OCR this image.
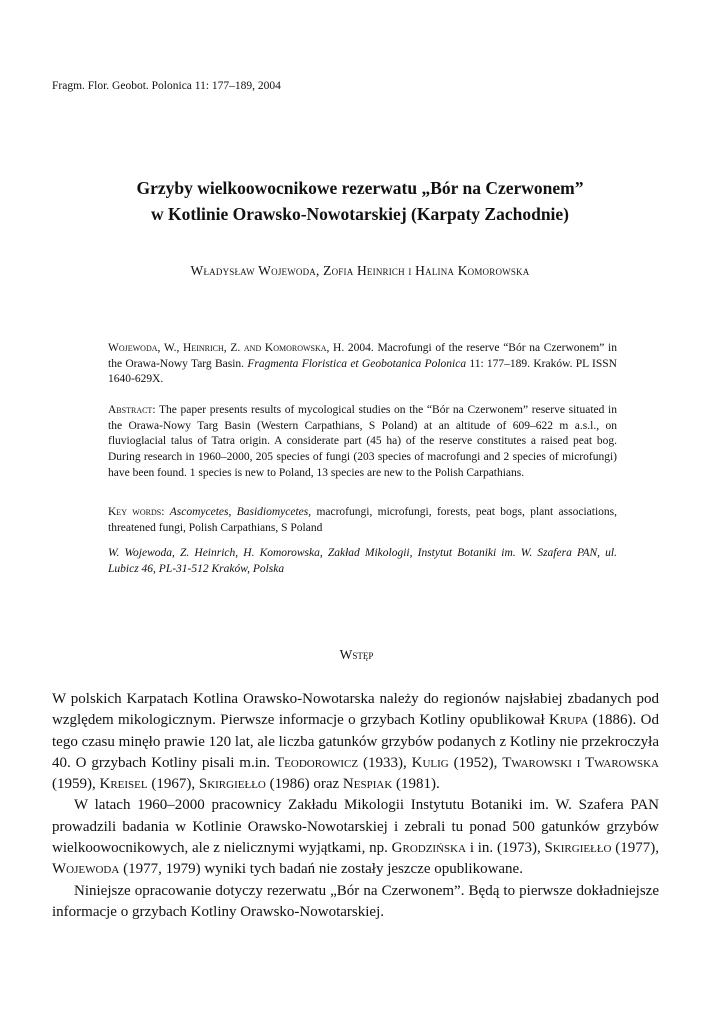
Fragm. Flor. Geobot. Polonica 11: 177–189, 2004
Grzyby wielkoowocnikowe rezerwatu „Bór na Czerwonem”
w Kotlinie Orawsko-Nowotarskiej (Karpaty Zachodnie)
Władysław Wojewoda, Zofia Heinrich i Halina Komorowska
Wojewoda, W., Heinrich, Z. and Komorowska, H. 2004. Macrofungi of the reserve “Bór na Czerwonem” in the Orawa-Nowy Targ Basin. Fragmenta Floristica et Geobotanica Polonica 11: 177–189. Kraków. PL ISSN 1640-629X.
Abstract: The paper presents results of mycological studies on the “Bór na Czerwonem” reserve situated in the Orawa-Nowy Targ Basin (Western Carpathians, S Poland) at an altitude of 609–622 m a.s.l., on fluvioglacial talus of Tatra origin. A considerate part (45 ha) of the reserve constitutes a raised peat bog. During research in 1960–2000, 205 species of fungi (203 species of macrofungi and 2 species of microfungi) have been found. 1 species is new to Poland, 13 species are new to the Polish Carpathians.
Key words: Ascomycetes, Basidiomycetes, macrofungi, microfungi, forests, peat bogs, plant associations, threatened fungi, Polish Carpathians, S Poland
W. Wojewoda, Z. Heinrich, H. Komorowska, Zakład Mikologii, Instytut Botaniki im. W. Szafera PAN, ul. Lubicz 46, PL-31-512 Kraków, Polska
Wstęp

W polskich Karpatach Kotlina Orawsko-Nowotarska należy do regionów najsłabiej zbadanych pod względem mikologicznym. Pierwsze informacje o grzybach Kotliny opublikował Krupa (1886). Od tego czasu minęło prawie 120 lat, ale liczba gatunków grzybów podanych z Kotliny nie przekroczyła 40. O grzybach Kotliny pisali m.in. Teodorowicz (1933), Kulig (1952), Twarowski i Twarowska (1959), Kreisel (1967), Skirgiełło (1986) oraz Nespiak (1981).

W latach 1960–2000 pracownicy Zakładu Mikologii Instytutu Botaniki im. W. Szafera PAN prowadzili badania w Kotlinie Orawsko-Nowotarskiej i zebrali tu ponad 500 gatunków grzybów wielkoowocnikowych, ale z nielicznymi wyjątkami, np. Grodzińska i in. (1973), Skirgiełło (1977), Wojewoda (1977, 1979) wyniki tych badań nie zostały jeszcze opublikowane.

Niniejsze opracowanie dotyczy rezerwatu „Bór na Czerwonem”. Będą to pierwsze dokładniejsze informacje o grzybach Kotliny Orawsko-Nowotarskiej.
